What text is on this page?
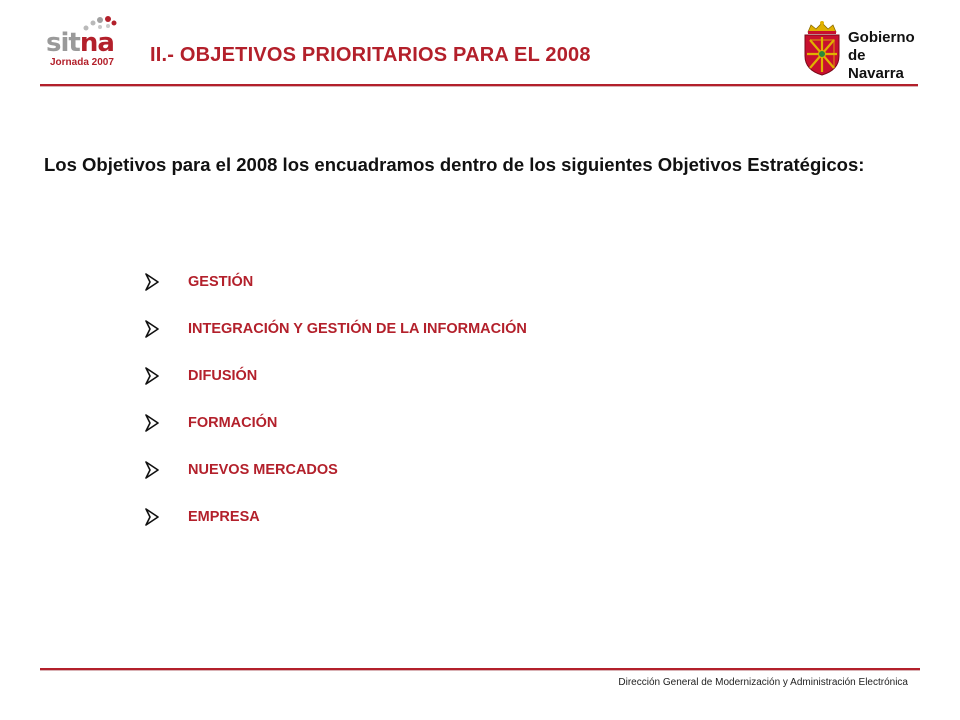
sitna
Jornada 2007 II.- OBJETIVOS PRIORITARIOS PARA EL 2008
Gobierno
de Navarra
Los Objetivos para el 2008 los encuadramos dentro de los siguientes Objetivos Estratégicos:
GESTIÓN
INTEGRACIÓN Y GESTIÓN DE LA INFORMACIÓN
DIFUSIÓN
FORMACIÓN
NUEVOS MERCADOS
EMPRESA
Dirección General de Modernización y Administración Electrónica
